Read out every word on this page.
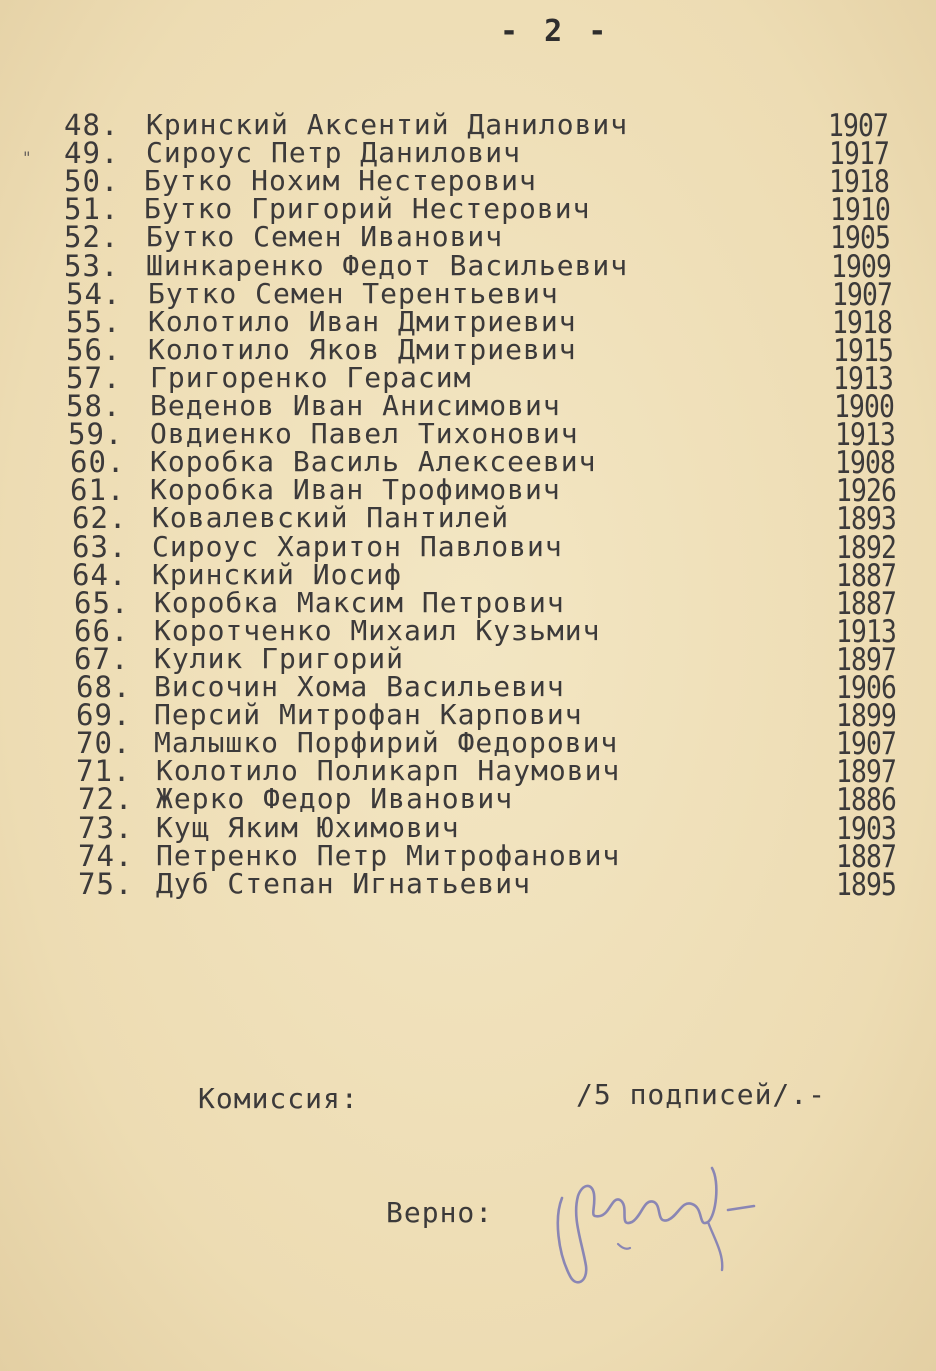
- 2 -
"
48. Кринский Аксентий Данилович	1907
49. Сироус Петр Данилович	1917
50. Бутко Нохим Нестерович	1918
51. Бутко Григорий Нестерович	1910
52. Бутко Семен Иванович	1905
53. Шинкаренко Федот Васильевич	1909
54. Бутко Семен Терентьевич	1907
55. Колотило Иван Дмитриевич	1918
56. Колотило Яков Дмитриевич	1915
57.	Григоренко Герасим	1913
58.	Веденов Иван Анисимович	1900
59. Овдиенко Павел Тихонович	1913
60. Коробка Василь Алексеевич	1908
61. Коробка Иван Трофимович	1926
62. Ковалевский Пантилей	1893
63. Сироус Харитон Павлович	1892
64. Кринский Иосиф	1887
65. Коробка Максим Петрович	1887
66. Коротченко Михаил Кузьмич	1913
67. Кулик Григорий	1897
68. Височин Хома Васильевич	1906
69. Персий Митрофан Карпович	1899
70. Малышко Порфирий Федорович	1907
71. Колотило Поликарп Наумович	1897
72. Жерко Федор Иванович	1886
73. Кущ Яким Юхимович	1903
74. Петренко Петр Митрофанович	1887
75. Дуб Степан Игнатьевич	1895
Комиссия:	/5 подписей/.-
Верно:
